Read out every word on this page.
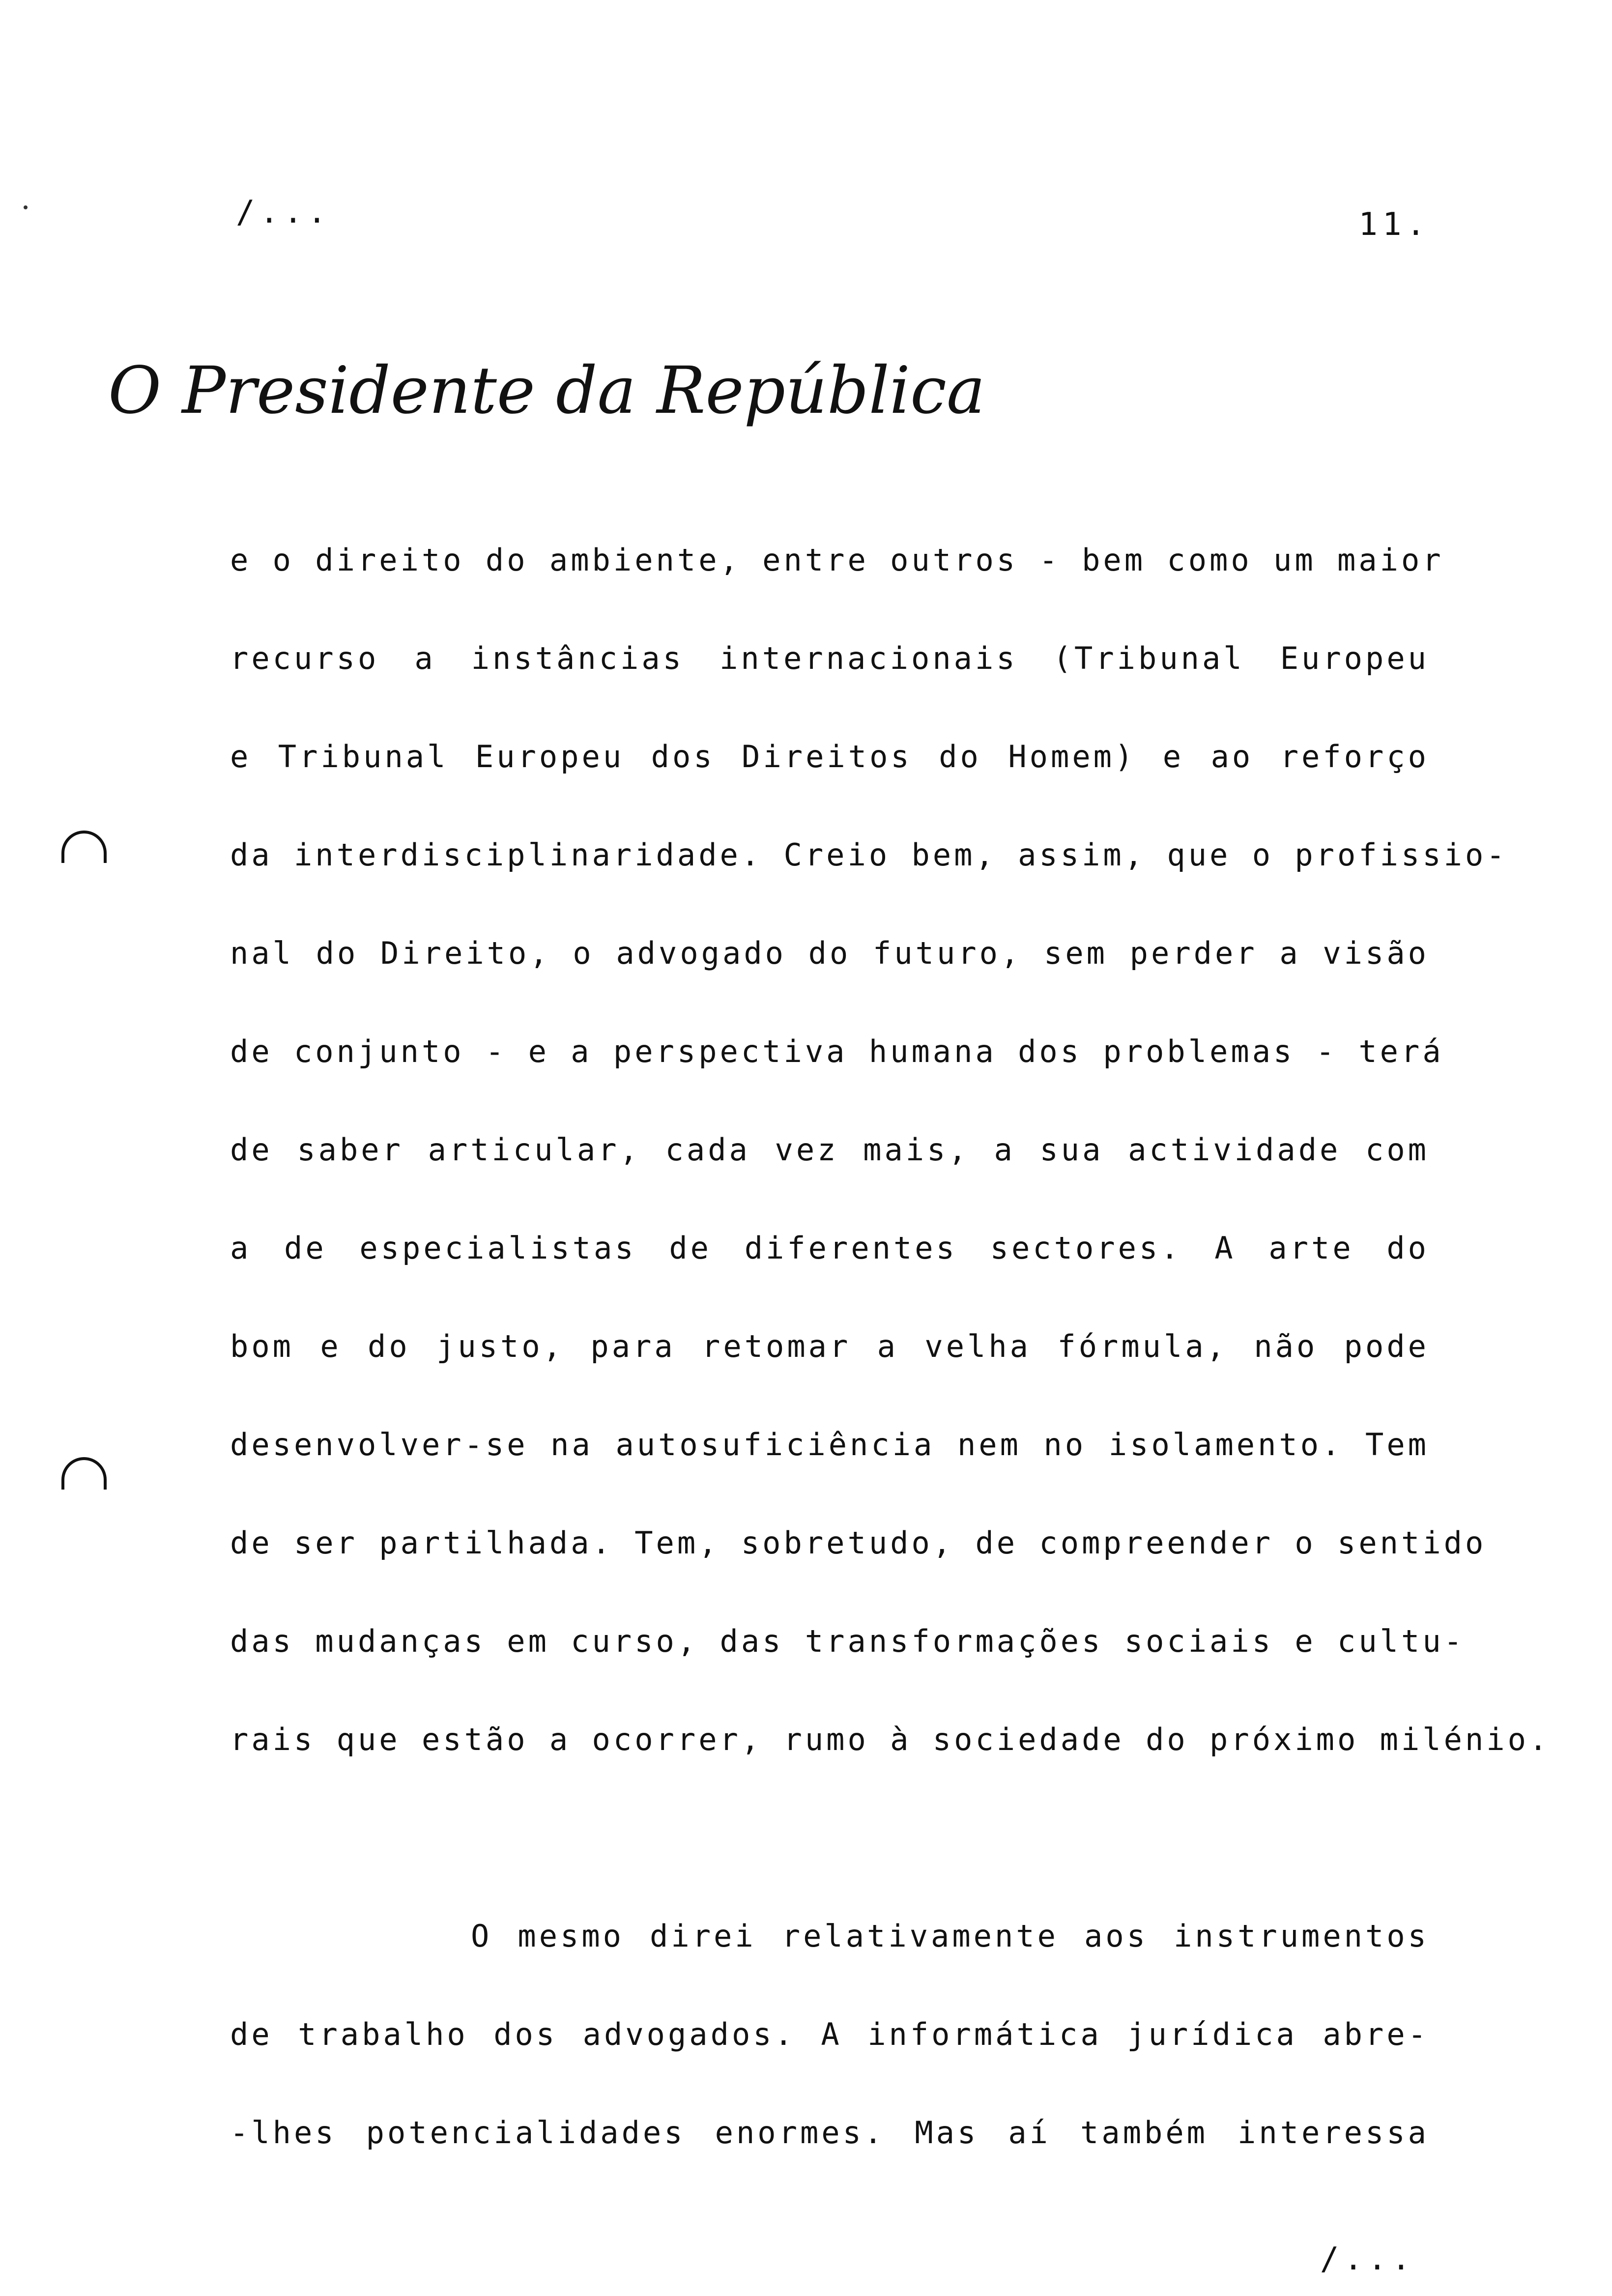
/...	11.
O Presidente da República
e o direito do ambiente, entre outros - bem como um maior
recurso a instâncias internacionais (Tribunal Europeu
e Tribunal Europeu dos Direitos do Homem) e ao reforço
da interdisciplinaridade. Creio bem, assim, que o profissio-
nal do Direito, o advogado do futuro, sem perder a visão
de conjunto - e a perspectiva humana dos problemas - terá
de saber articular, cada vez mais, a sua actividade com
a de especialistas de diferentes sectores. A arte do
bom e do justo, para retomar a velha fórmula, não pode
desenvolver-se na autosuficiência nem no isolamento. Tem
de ser partilhada. Tem, sobretudo, de compreender o sentido
das mudanças em curso, das transformações sociais e cultu-
rais que estão a ocorrer, rumo à sociedade do próximo milénio.
O mesmo direi relativamente aos instrumentos
de trabalho dos advogados. A informática jurídica abre-
-lhes potencialidades enormes. Mas aí também interessa
/...
